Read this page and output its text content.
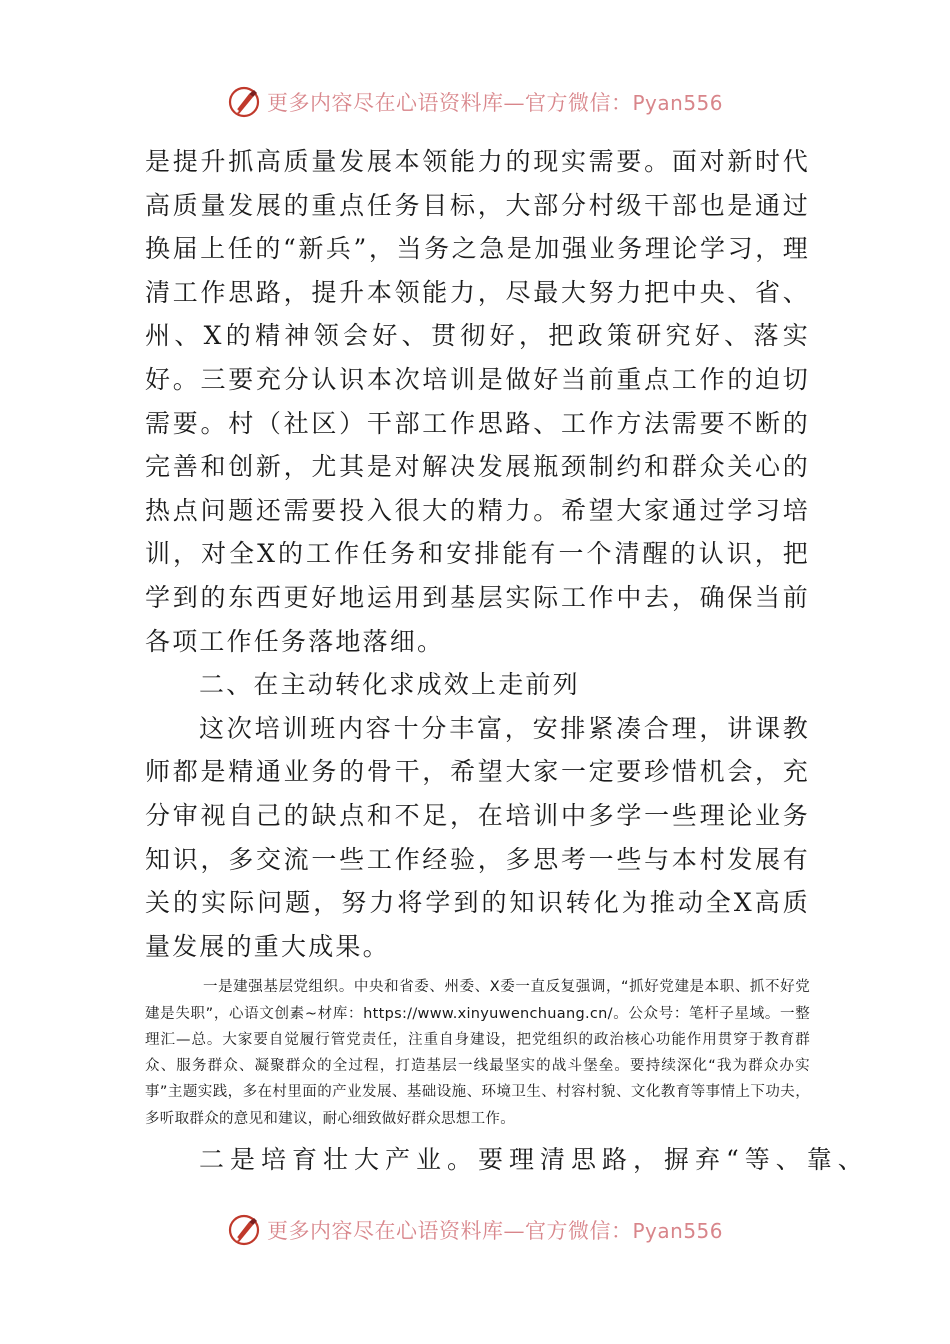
更多内容尽在心语资料库—官方微信：Pyan556

是提升抓高质量发展本领能力的现实需要。面对新时代高质量发展的重点任务目标，大部分村级干部也是通过换届上任的“新兵”，当务之急是加强业务理论学习，理清工作思路，提升本领能力，尽最大努力把中央、省、州、X的精神领会好、贯彻好，把政策研究好、落实好。三要充分认识本次培训是做好当前重点工作的迫切需要。村（社区）干部工作思路、工作方法需要不断的完善和创新，尤其是对解决发展瓶颈制约和群众关心的热点问题还需要投入很大的精力。希望大家通过学习培训，对全X的工作任务和安排能有一个清醒的认识，把学到的东西更好地运用到基层实际工作中去，确保当前各项工作任务落地落细。

二、在主动转化求成效上走前列

这次培训班内容十分丰富，安排紧凑合理，讲课教师都是精通业务的骨干，希望大家一定要珍惜机会，充分审视自己的缺点和不足，在培训中多学一些理论业务知识，多交流一些工作经验，多思考一些与本村发展有关的实际问题，努力将学到的知识转化为推动全X高质量发展的重大成果。

一是建强基层党组织。中央和省委、州委、X委一直反复强调，“抓好党建是本职、抓不好党建是失职”，心语文创素~材库：https://www.xinyuwenchuang.cn/。公众号：笔杆子星域。一整理汇—总。大家要自觉履行管党责任，注重自身建设，把党组织的政治核心功能作用贯穿于教育群众、服务群众、凝聚群众的全过程，打造基层一线最坚实的战斗堡垒。要持续深化“我为群众办实事”主题实践，多在村里面的产业发展、基础设施、环境卫生、村容村貌、文化教育等事情上下功夫，多听取群众的意见和建议，耐心细致做好群众思想工作。

二是培育壮大产业。要理清思路，摒弃“等、靠、

更多内容尽在心语资料库—官方微信：Pyan556
